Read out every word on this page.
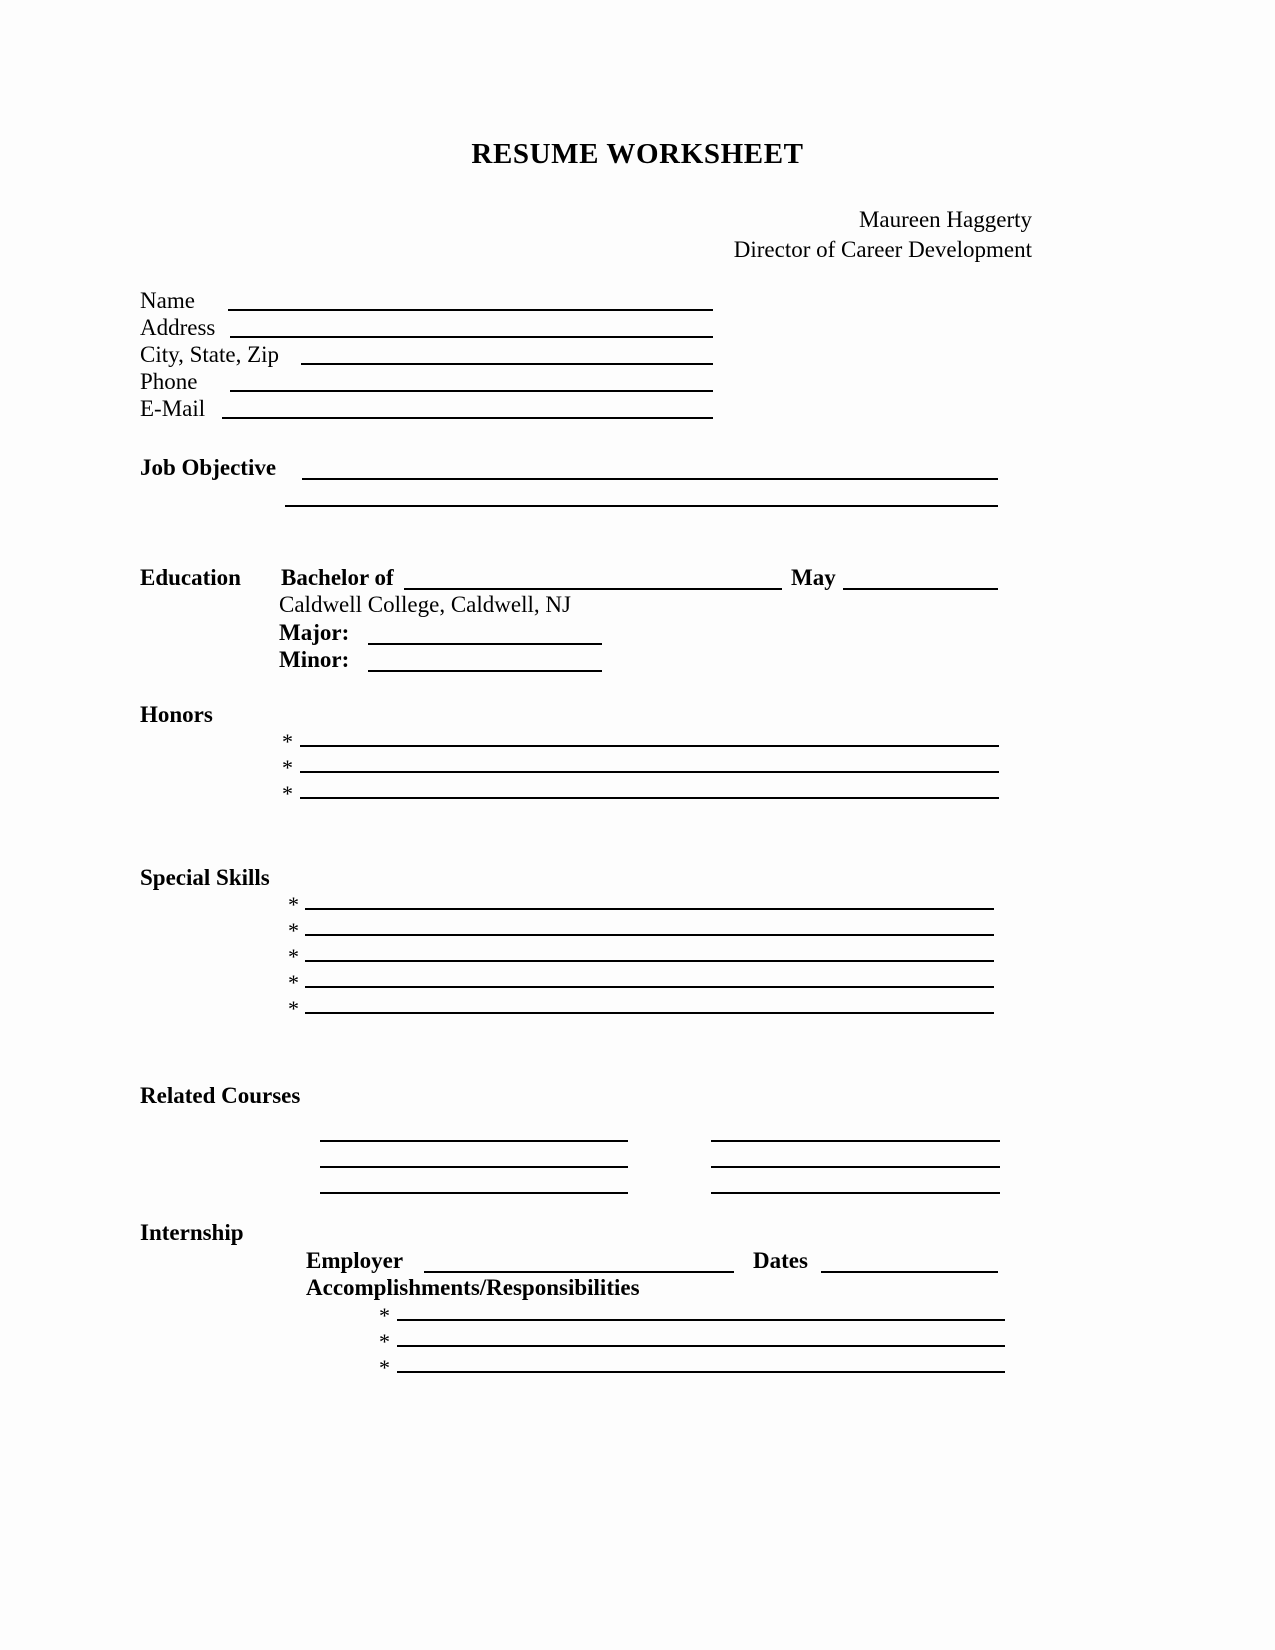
RESUME WORKSHEET
Maureen Haggerty
Director of Career Development
Name
Address
City, State, Zip
Phone
E-Mail
Job Objective
Education Bachelor of	May
Caldwell College, Caldwell, NJ
Major:
Minor:
Honors
*
*
*
Special Skills
*
*
*
*
*
Related Courses
Internship
Employer	Dates
Accomplishments/Responsibilities
*
*
*
